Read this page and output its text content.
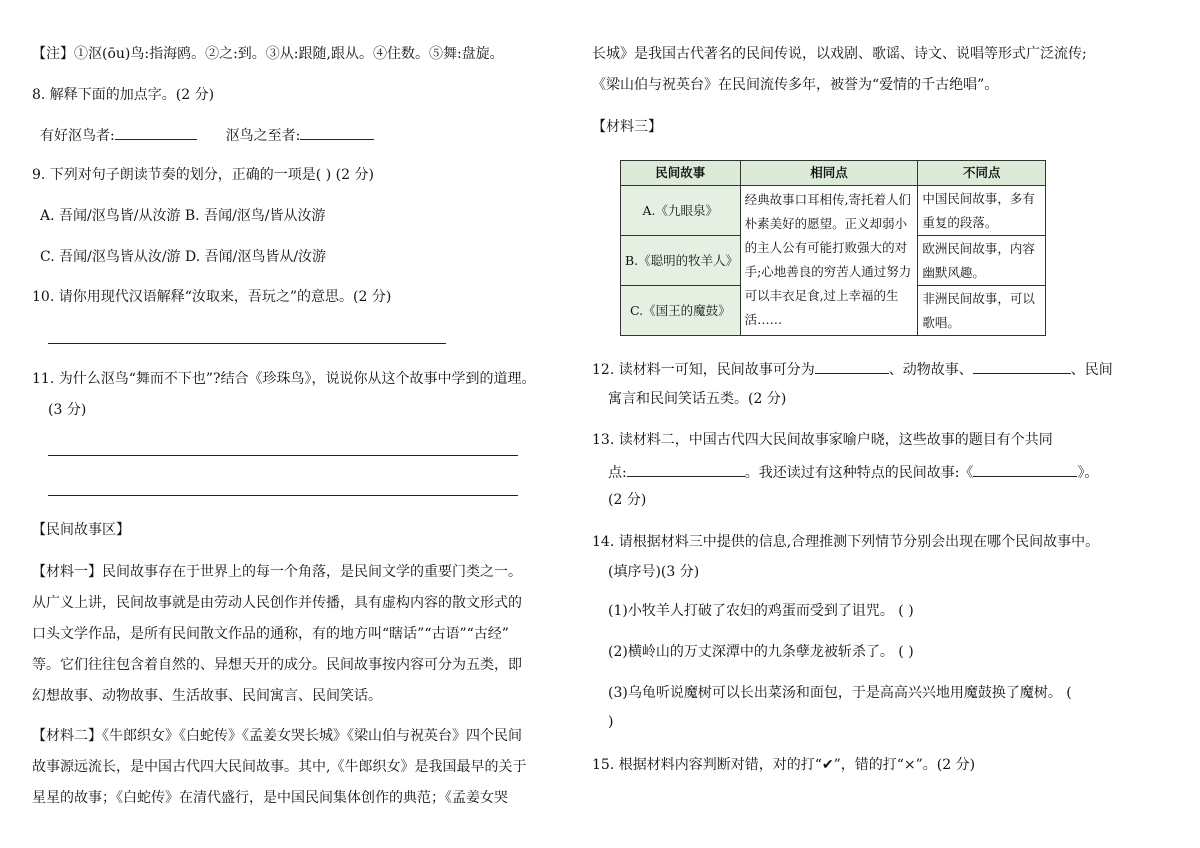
【注】①沤(ōu)鸟:指海鸥。②之:到。③从:跟随,跟从。④住数。⑤舞:盘旋。
8. 解释下面的加点字。(2 分)
有好沤鸟者:	沤鸟之至者:
9. 下列对句子朗读节奏的划分，正确的一项是( ) (2 分)
A. 吾闻/沤鸟皆/从汝游 B. 吾闻/沤鸟/皆从汝游
C. 吾闻/沤鸟皆从汝/游 D. 吾闻/沤鸟皆从/汝游
10. 请你用现代汉语解释“汝取来，吾玩之”的意思。(2 分)
11. 为什么沤鸟“舞而不下也”?结合《珍珠鸟》，说说你从这个故事中学到的道理。
(3 分)
【民间故事区】
【材料一】民间故事存在于世界上的每一个角落，是民间文学的重要门类之一。
从广义上讲，民间故事就是由劳动人民创作并传播，具有虚构内容的散文形式的
口头文学作品，是所有民间散文作品的通称，有的地方叫“瞎话”“古语”“古经”
等。它们往往包含着自然的、异想天开的成分。民间故事按内容可分为五类，即
幻想故事、动物故事、生活故事、民间寓言、民间笑话。
【材料二】《牛郎织女》《白蛇传》《孟姜女哭长城》《梁山伯与祝英台》四个民间
故事源远流长，是中国古代四大民间故事。其中,《牛郎织女》是我国最早的关于
星星的故事；《白蛇传》在清代盛行，是中国民间集体创作的典范；《孟姜女哭
长城》是我国古代著名的民间传说，以戏剧、歌谣、诗文、说唱等形式广泛流传;
《梁山伯与祝英台》在民间流传多年，被誉为“爱情的千古绝唱”。
【材料三】
民间故事	相同点	不同点
A.《九眼泉》	经典故事口耳相传,寄托着人们朴素美好的愿望。正义却弱小的主人公有可能打败强大的对手;心地善良的穷苦人通过努力可以丰衣足食,过上幸福的生活……	中国民间故事，多有重复的段落。
B.《聪明的牧羊人》		欧洲民间故事，内容幽默风趣。
C.《国王的魔鼓》		非洲民间故事，可以歌唱。
12. 读材料一可知，民间故事可分为	、动物故事、	、民间
寓言和民间笑话五类。(2 分)
13. 读材料二，中国古代四大民间故事家喻户晓，这些故事的题目有个共同
点:	。我还读过有这种特点的民间故事:《	》。
(2 分)
14. 请根据材料三中提供的信息,合理推测下列情节分别会出现在哪个民间故事中。
(填序号)(3 分)
(1)小牧羊人打破了农妇的鸡蛋而受到了诅咒。 ( )
(2)横岭山的万丈深潭中的九条孽龙被斩杀了。 ( )
(3)乌龟听说魔树可以长出菜汤和面包，于是高高兴兴地用魔鼓换了魔树。 (
)
15. 根据材料内容判断对错，对的打“✔”，错的打“×”。(2 分)
